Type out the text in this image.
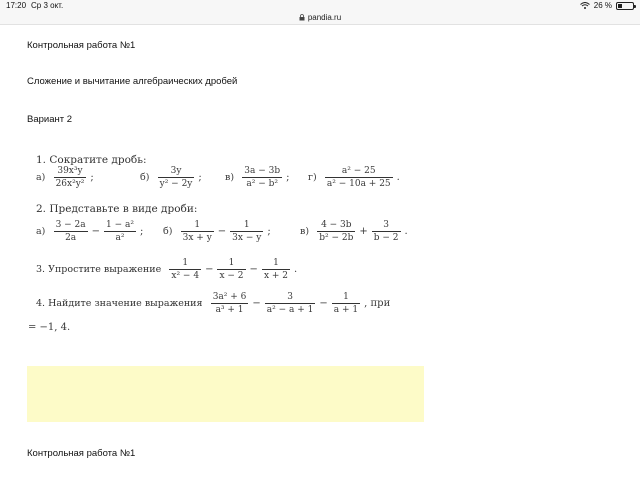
17:20 Ср 3 окт.	26 %
pandia.ru
Контрольная работа №1
Сложение и вычитание алгебраических дробей
Вариант 2
1. Сократите дробь:
$а) \frac{\text{39x³y}}{\text{26x²y²}}$ ;	$б) \frac{3y}{\text{y² − 2y}}$ ;	$в) \frac{3a - 3b}{\text{a² − b²}}$ ;	$г) \frac{\text{a² − 25}}{\text{a² − 10a + 25}}$ .
2. Представьте в виде дроби:
$а) \frac{3 - 2a}{2a} - \frac{\text{1 − a²}}{\text{a²}}$ ;	$б) \frac{1}{3x + y} - \frac{1}{3x - y}$ ;	$в) \frac{4 - 3b}{\text{b² − 2b}} + \frac{3}{b - 2}$ .
3. Упростите выражение $\frac{1}{\text{x² − 4}} - \frac{1}{x - 2} - \frac{1}{x + 2}$ .
4. Найдите значение выражения $\frac{\text{3a² + 6}}{\text{a³ + 1}} - \frac{3}{\text{a² − a + 1}} - \frac{1}{a + 1}$ , при
= −1, 4.
Контрольная работа №1
